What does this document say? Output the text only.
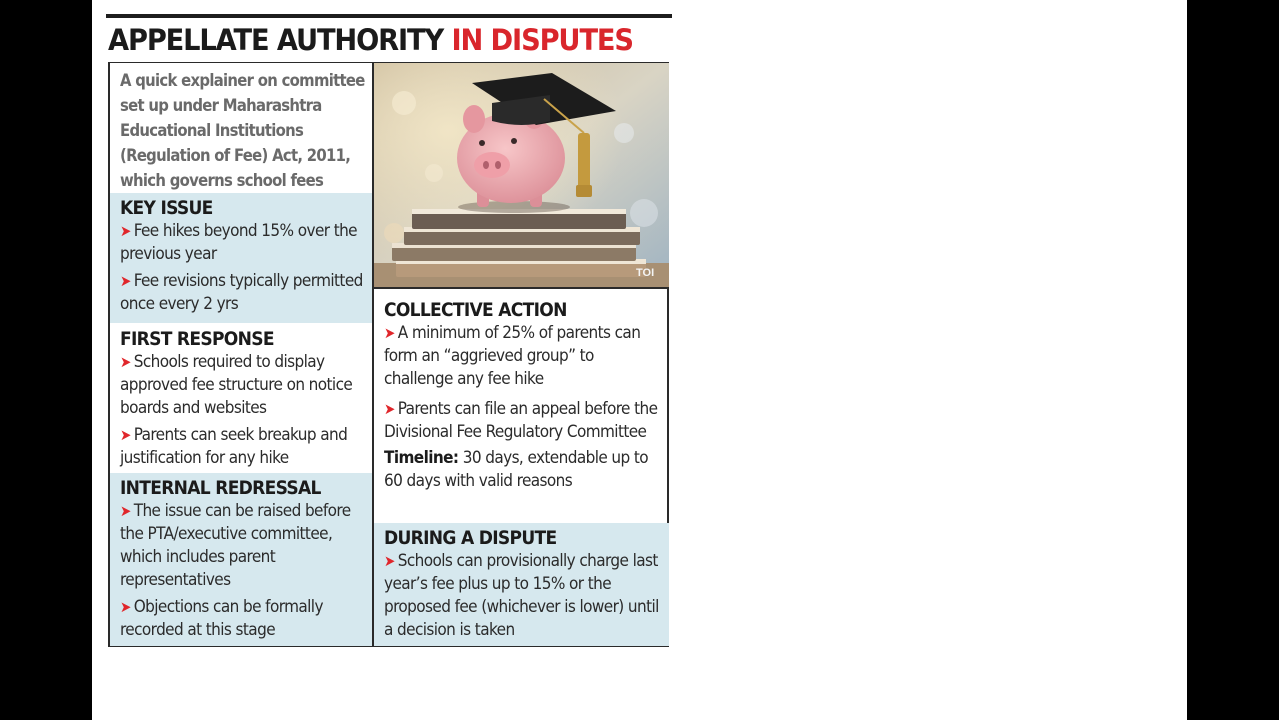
APPELLATE AUTHORITY IN DISPUTES
A quick explainer on committee set up under Maharashtra Educational Institutions (Regulation of Fee) Act, 2011, which governs school fees

KEY ISSUE

➤ Fee hikes beyond 15% over the previous year

➤ Fee revisions typically permitted once every 2 yrs

FIRST RESPONSE

➤ Schools required to display approved fee structure on notice boards and websites

➤ Parents can seek breakup and justification for any hike

INTERNAL REDRESSAL

➤ The issue can be raised before the PTA/executive committee, which includes parent representatives

➤ Objections can be formally recorded at this stage

TOI

COLLECTIVE ACTION

➤ A minimum of 25% of parents can form an “aggrieved group” to challenge any fee hike

➤ Parents can file an appeal before the Divisional Fee Regulatory Committee

Timeline: 30 days, extendable up to 60 days with valid reasons

DURING A DISPUTE

➤ Schools can provisionally charge last year’s fee plus up to 15% or the proposed fee (whichever is lower) until a decision is taken
